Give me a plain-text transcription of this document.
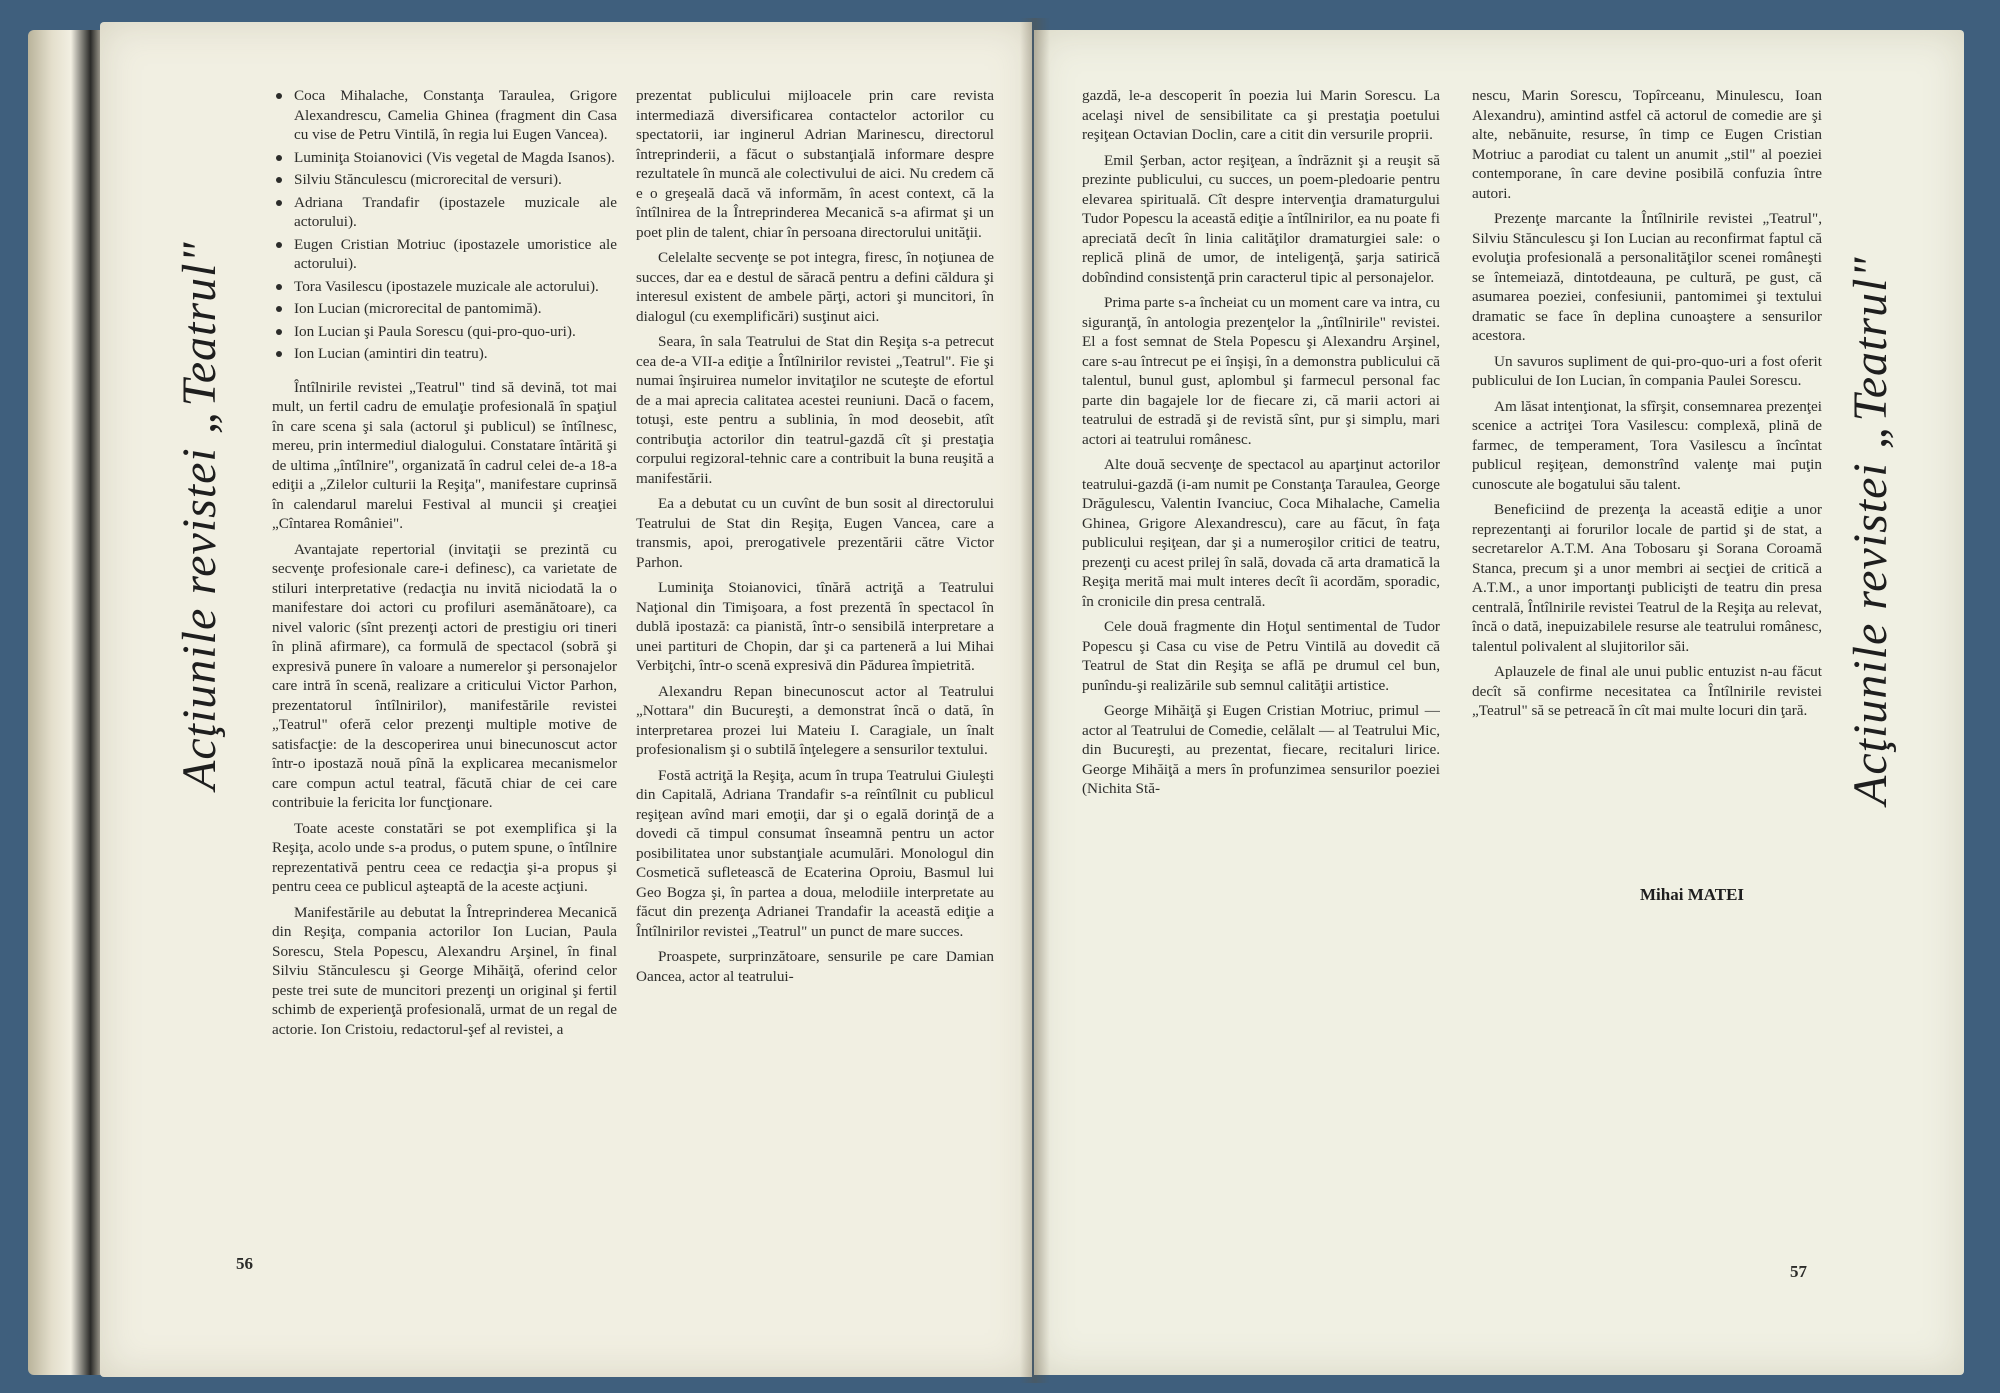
Acţiunile revistei „Teatrul"	Acţiunile revistei „Teatrul"
Coca Mihalache, Constanţa Taraulea, Grigore Alexandrescu, Camelia Ghinea (fragment din Casa cu vise de Petru Vintilă, în regia lui Eugen Vancea).
Luminiţa Stoianovici (Vis vegetal de Magda Isanos).
Silviu Stănculescu (microrecital de versuri).
Adriana Trandafir (ipostazele muzicale ale actorului).
Eugen Cristian Motriuc (ipostazele umoristice ale actorului).
Tora Vasilescu (ipostazele muzicale ale actorului).
Ion Lucian (microrecital de pantomimă).
Ion Lucian şi Paula Sorescu (qui-pro-quo-uri).
Ion Lucian (amintiri din teatru).

Întîlnirile revistei „Teatrul" tind să devină, tot mai mult, un fertil cadru de emulaţie profesională în spaţiul în care scena şi sala (actorul şi publicul) se întîlnesc, mereu, prin intermediul dialogului. Constatare întărită şi de ultima „întîlnire", organizată în cadrul celei de-a 18-a ediţii a „Zilelor culturii la Reşiţa", manifestare cuprinsă în calendarul marelui Festival al muncii şi creaţiei „Cîntarea României".

Avantajate repertorial (invitaţii se prezintă cu secvenţe profesionale care-i definesc), ca varietate de stiluri interpretative (redacţia nu invită niciodată la o manifestare doi actori cu profiluri asemănătoare), ca nivel valoric (sînt prezenţi actori de prestigiu ori tineri în plină afirmare), ca formulă de spectacol (sobră şi expresivă punere în valoare a numerelor şi personajelor care intră în scenă, realizare a criticului Victor Parhon, prezentatorul întîlnirilor), manifestările revistei „Teatrul" oferă celor prezenţi multiple motive de satisfacţie: de la descoperirea unui binecunoscut actor într-o ipostază nouă pînă la explicarea mecanismelor care compun actul teatral, făcută chiar de cei care contribuie la fericita lor funcţionare.

Toate aceste constatări se pot exemplifica şi la Reşiţa, acolo unde s-a produs, o putem spune, o întîlnire reprezentativă pentru ceea ce redacţia şi-a propus şi pentru ceea ce publicul aşteaptă de la aceste acţiuni.

Manifestările au debutat la Întreprinderea Mecanică din Reşiţa, compania actorilor Ion Lucian, Paula Sorescu, Stela Popescu, Alexandru Arşinel, în final Silviu Stănculescu şi George Mihăiţă, oferind celor peste trei sute de muncitori prezenţi un original şi fertil schimb de experienţă profesională, urmat de un regal de actorie. Ion Cristoiu, redactorul-şef al revistei, a

prezentat publicului mijloacele prin care revista intermediază diversificarea contactelor actorilor cu spectatorii, iar inginerul Adrian Marinescu, directorul întreprinderii, a făcut o substanţială informare despre rezultatele în muncă ale colectivului de aici. Nu credem că e o greşeală dacă vă informăm, în acest context, că la întîlnirea de la Întreprinderea Mecanică s-a afirmat şi un poet plin de talent, chiar în persoana directorului unităţii.

Celelalte secvenţe se pot integra, firesc, în noţiunea de succes, dar ea e destul de săracă pentru a defini căldura şi interesul existent de ambele părţi, actori şi muncitori, în dialogul (cu exemplificări) susţinut aici.

Seara, în sala Teatrului de Stat din Reşiţa s-a petrecut cea de-a VII-a ediţie a Întîlnirilor revistei „Teatrul". Fie şi numai înşiruirea numelor invitaţilor ne scuteşte de efortul de a mai aprecia calitatea acestei reuniuni. Dacă o facem, totuşi, este pentru a sublinia, în mod deosebit, atît contribuţia actorilor din teatrul-gazdă cît şi prestaţia corpului regizoral-tehnic care a contribuit la buna reuşită a manifestării.

Ea a debutat cu un cuvînt de bun sosit al directorului Teatrului de Stat din Reşiţa, Eugen Vancea, care a transmis, apoi, prerogativele prezentării către Victor Parhon.

Luminiţa Stoianovici, tînără actriţă a Teatrului Naţional din Timişoara, a fost prezentă în spectacol în dublă ipostază: ca pianistă, într-o sensibilă interpretare a unei partituri de Chopin, dar şi ca parteneră a lui Mihai Verbiţchi, într-o scenă expresivă din Pădurea împietrită.

Alexandru Repan binecunoscut actor al Teatrului „Nottara" din Bucureşti, a demonstrat încă o dată, în interpretarea prozei lui Mateiu I. Caragiale, un înalt profesionalism şi o subtilă înţelegere a sensurilor textului.

Fostă actriţă la Reşiţa, acum în trupa Teatrului Giuleşti din Capitală, Adriana Trandafir s-a reîntîlnit cu publicul reşiţean avînd mari emoţii, dar şi o egală dorinţă de a dovedi că timpul consumat înseamnă pentru un actor posibilitatea unor substanţiale acumulări. Monologul din Cosmetică sufletească de Ecaterina Oproiu, Basmul lui Geo Bogza şi, în partea a doua, melodiile interpretate au făcut din prezenţa Adrianei Trandafir la această ediţie a Întîlnirilor revistei „Teatrul" un punct de mare succes.

Proaspete, surprinzătoare, sensurile pe care Damian Oancea, actor al teatrului-

gazdă, le-a descoperit în poezia lui Marin Sorescu. La acelaşi nivel de sensibilitate ca şi prestaţia poetului reşiţean Octavian Doclin, care a citit din versurile proprii.

Emil Şerban, actor reşiţean, a îndrăznit şi a reuşit să prezinte publicului, cu succes, un poem-pledoarie pentru elevarea spirituală. Cît despre intervenţia dramaturgului Tudor Popescu la această ediţie a întîlnirilor, ea nu poate fi apreciată decît în linia calităţilor dramaturgiei sale: o replică plină de umor, de inteligenţă, şarja satirică dobîndind consistenţă prin caracterul tipic al personajelor.

Prima parte s-a încheiat cu un moment care va intra, cu siguranţă, în antologia prezenţelor la „întîlnirile" revistei. El a fost semnat de Stela Popescu şi Alexandru Arşinel, care s-au întrecut pe ei înşişi, în a demonstra publicului că talentul, bunul gust, aplombul şi farmecul personal fac parte din bagajele lor de fiecare zi, că marii actori ai teatrului de estradă şi de revistă sînt, pur şi simplu, mari actori ai teatrului românesc.

Alte două secvenţe de spectacol au aparţinut actorilor teatrului-gazdă (i-am numit pe Constanţa Taraulea, George Drăgulescu, Valentin Ivanciuc, Coca Mihalache, Camelia Ghinea, Grigore Alexandrescu), care au făcut, în faţa publicului reşiţean, dar şi a numeroşilor critici de teatru, prezenţi cu acest prilej în sală, dovada că arta dramatică la Reşiţa merită mai mult interes decît îi acordăm, sporadic, în cronicile din presa centrală.

Cele două fragmente din Hoţul sentimental de Tudor Popescu şi Casa cu vise de Petru Vintilă au dovedit că Teatrul de Stat din Reşiţa se află pe drumul cel bun, punîndu-şi realizările sub semnul calităţii artistice.

George Mihăiţă şi Eugen Cristian Motriuc, primul — actor al Teatrului de Comedie, celălalt — al Teatrului Mic, din Bucureşti, au prezentat, fiecare, recitaluri lirice. George Mihăiţă a mers în profunzimea sensurilor poeziei (Nichita Stă-

nescu, Marin Sorescu, Topîrceanu, Minulescu, Ioan Alexandru), amintind astfel că actorul de comedie are şi alte, nebănuite, resurse, în timp ce Eugen Cristian Motriuc a parodiat cu talent un anumit „stil" al poeziei contemporane, în care devine posibilă confuzia între autori.

Prezenţe marcante la Întîlnirile revistei „Teatrul", Silviu Stănculescu şi Ion Lucian au reconfirmat faptul că evoluţia profesională a personalităţilor scenei româneşti se întemeiază, dintotdeauna, pe cultură, pe gust, că asumarea poeziei, confesiunii, pantomimei şi textului dramatic se face în deplina cunoaştere a sensurilor acestora.

Un savuros supliment de qui-pro-quo-uri a fost oferit publicului de Ion Lucian, în compania Paulei Sorescu.

Am lăsat intenţionat, la sfîrşit, consemnarea prezenţei scenice a actriţei Tora Vasilescu: complexă, plină de farmec, de temperament, Tora Vasilescu a încîntat publicul reşiţean, demonstrînd valenţe mai puţin cunoscute ale bogatului său talent.

Beneficiind de prezenţa la această ediţie a unor reprezentanţi ai forurilor locale de partid şi de stat, a secretarelor A.T.M. Ana Tobosaru şi Sorana Coroamă Stanca, precum şi a unor membri ai secţiei de critică a A.T.M., a unor importanţi publicişti de teatru din presa centrală, Întîlnirile revistei Teatrul de la Reşiţa au relevat, încă o dată, inepuizabilele resurse ale teatrului românesc, talentul polivalent al slujitorilor săi.

Aplauzele de final ale unui public entuzist n-au făcut decît să confirme necesitatea ca Întîlnirile revistei „Teatrul" să se petreacă în cît mai multe locuri din ţară.

Mihai MATEI
56	57
